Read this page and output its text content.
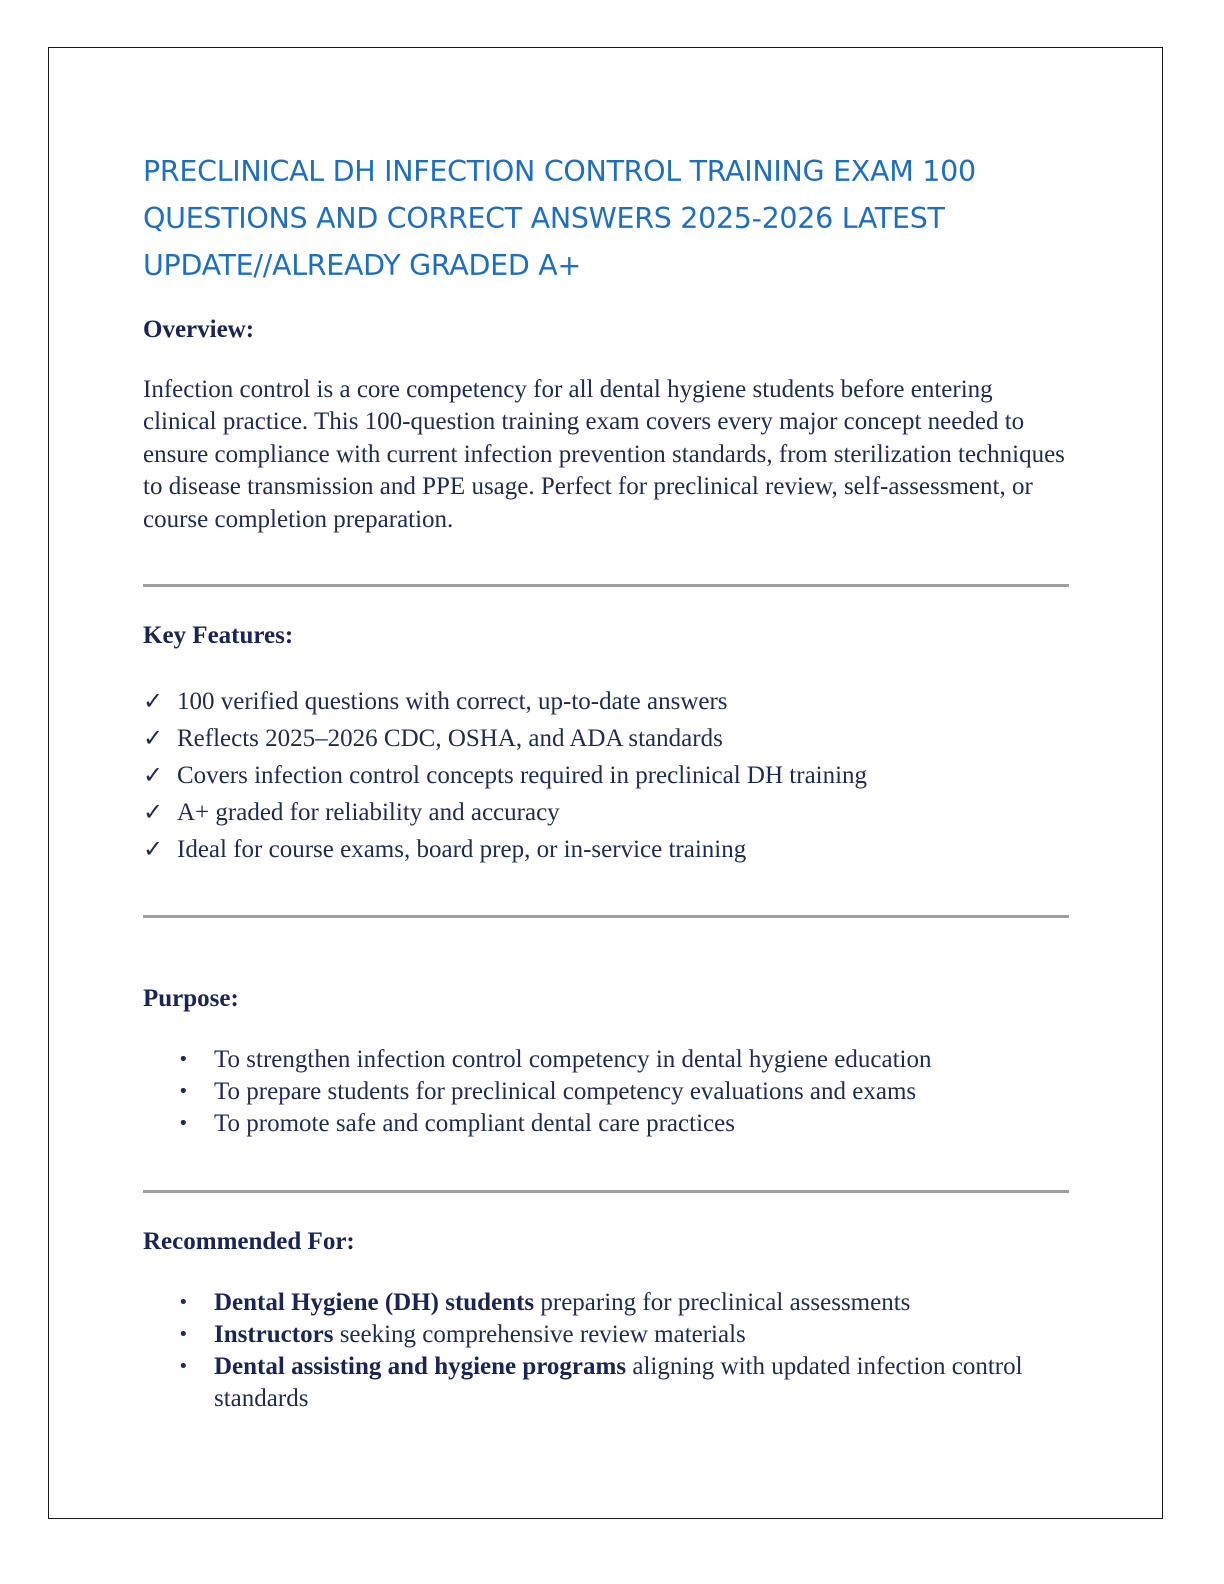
PRECLINICAL DH INFECTION CONTROL TRAINING EXAM 100 QUESTIONS AND CORRECT ANSWERS 2025-2026 LATEST UPDATE//ALREADY GRADED A+
Overview:

Infection control is a core competency for all dental hygiene students before entering clinical practice. This 100-question training exam covers every major concept needed to ensure compliance with current infection prevention standards, from sterilization techniques to disease transmission and PPE usage. Perfect for preclinical review, self-assessment, or course completion preparation.

Key Features:
✓ 100 verified questions with correct, up-to-date answers
✓ Reflects 2025–2026 CDC, OSHA, and ADA standards
✓ Covers infection control concepts required in preclinical DH training
✓ A+ graded for reliability and accuracy
✓ Ideal for course exams, board prep, or in-service training
Purpose:
• To strengthen infection control competency in dental hygiene education
• To prepare students for preclinical competency evaluations and exams
• To promote safe and compliant dental care practices
Recommended For:
• Dental Hygiene (DH) students preparing for preclinical assessments
• Instructors seeking comprehensive review materials
• Dental assisting and hygiene programs aligning with updated infection control standards
